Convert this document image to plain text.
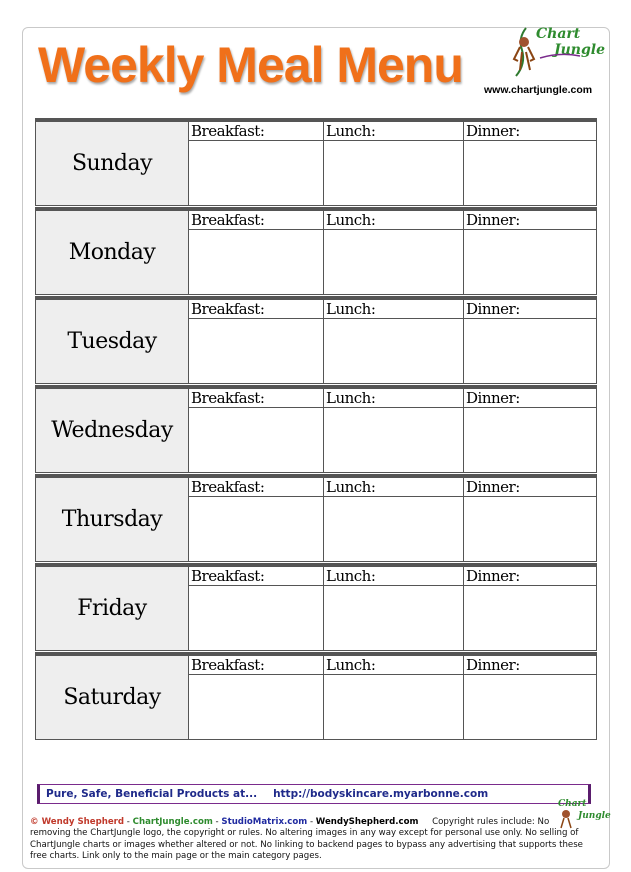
Weekly Meal Menu
Chart
Jungle
www.chartjungle.com
Sunday
Breakfast:	Lunch:	Dinner:
Monday
Breakfast:	Lunch:	Dinner:
Tuesday
Breakfast:	Lunch:	Dinner:
Wednesday
Breakfast:	Lunch:	Dinner:
Thursday
Breakfast:	Lunch:	Dinner:
Friday
Breakfast:	Lunch:	Dinner:
Saturday
Breakfast:	Lunch:	Dinner:
Pure, Safe, Beneficial Products at... http://bodyskincare.myarbonne.com
Chart
Jungle
© Wendy Shepherd - ChartJungle.com - StudioMatrix.com - WendyShepherd.com     Copyright rules include: No removing the ChartJungle logo, the copyright or rules. No altering images in any way except for personal use only. No selling of ChartJungle charts or images whether altered or not. No linking to backend pages to bypass any advertising that supports these free charts. Link only to the main page or the main category pages.
